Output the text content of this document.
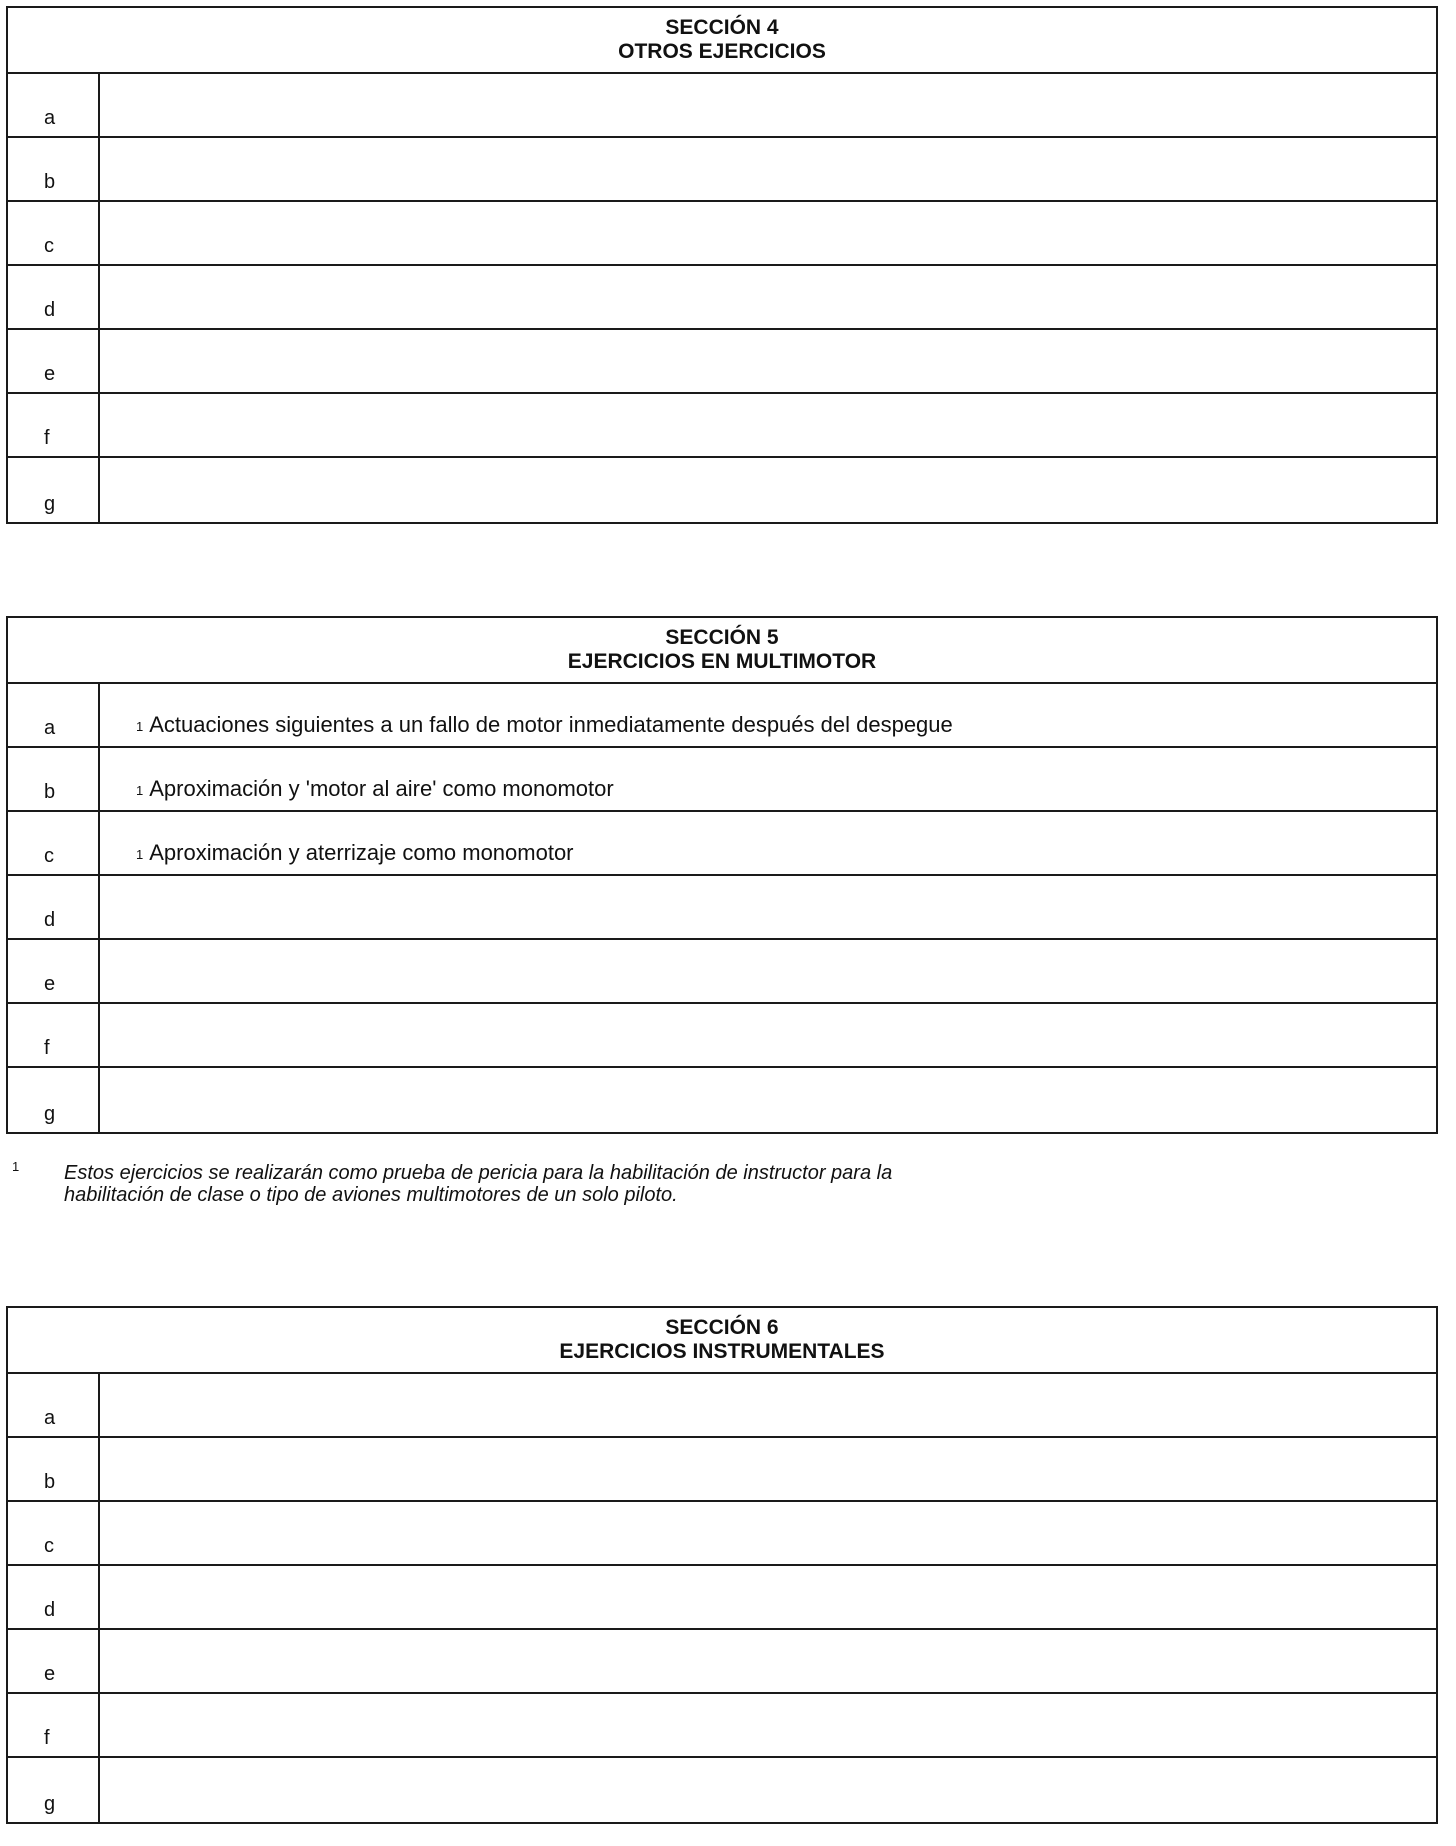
SECCIÓN 4
OTROS EJERCICIOS
a
b
c
d
e
f
g
SECCIÓN 5
EJERCICIOS EN MULTIMOTOR
a	$^1$ Actuaciones siguientes a un fallo de motor inmediatamente después del despegue
b	$^1$ Aproximación y 'motor al aire' como monomotor
c	$^1$ Aproximación y aterrizaje como monomotor
d
e
f
g
1 Estos ejercicios se realizarán como prueba de pericia para la habilitación de instructor para la
habilitación de clase o tipo de aviones multimotores de un solo piloto.
SECCIÓN 6
EJERCICIOS INSTRUMENTALES
a
b
c
d
e
f
g
